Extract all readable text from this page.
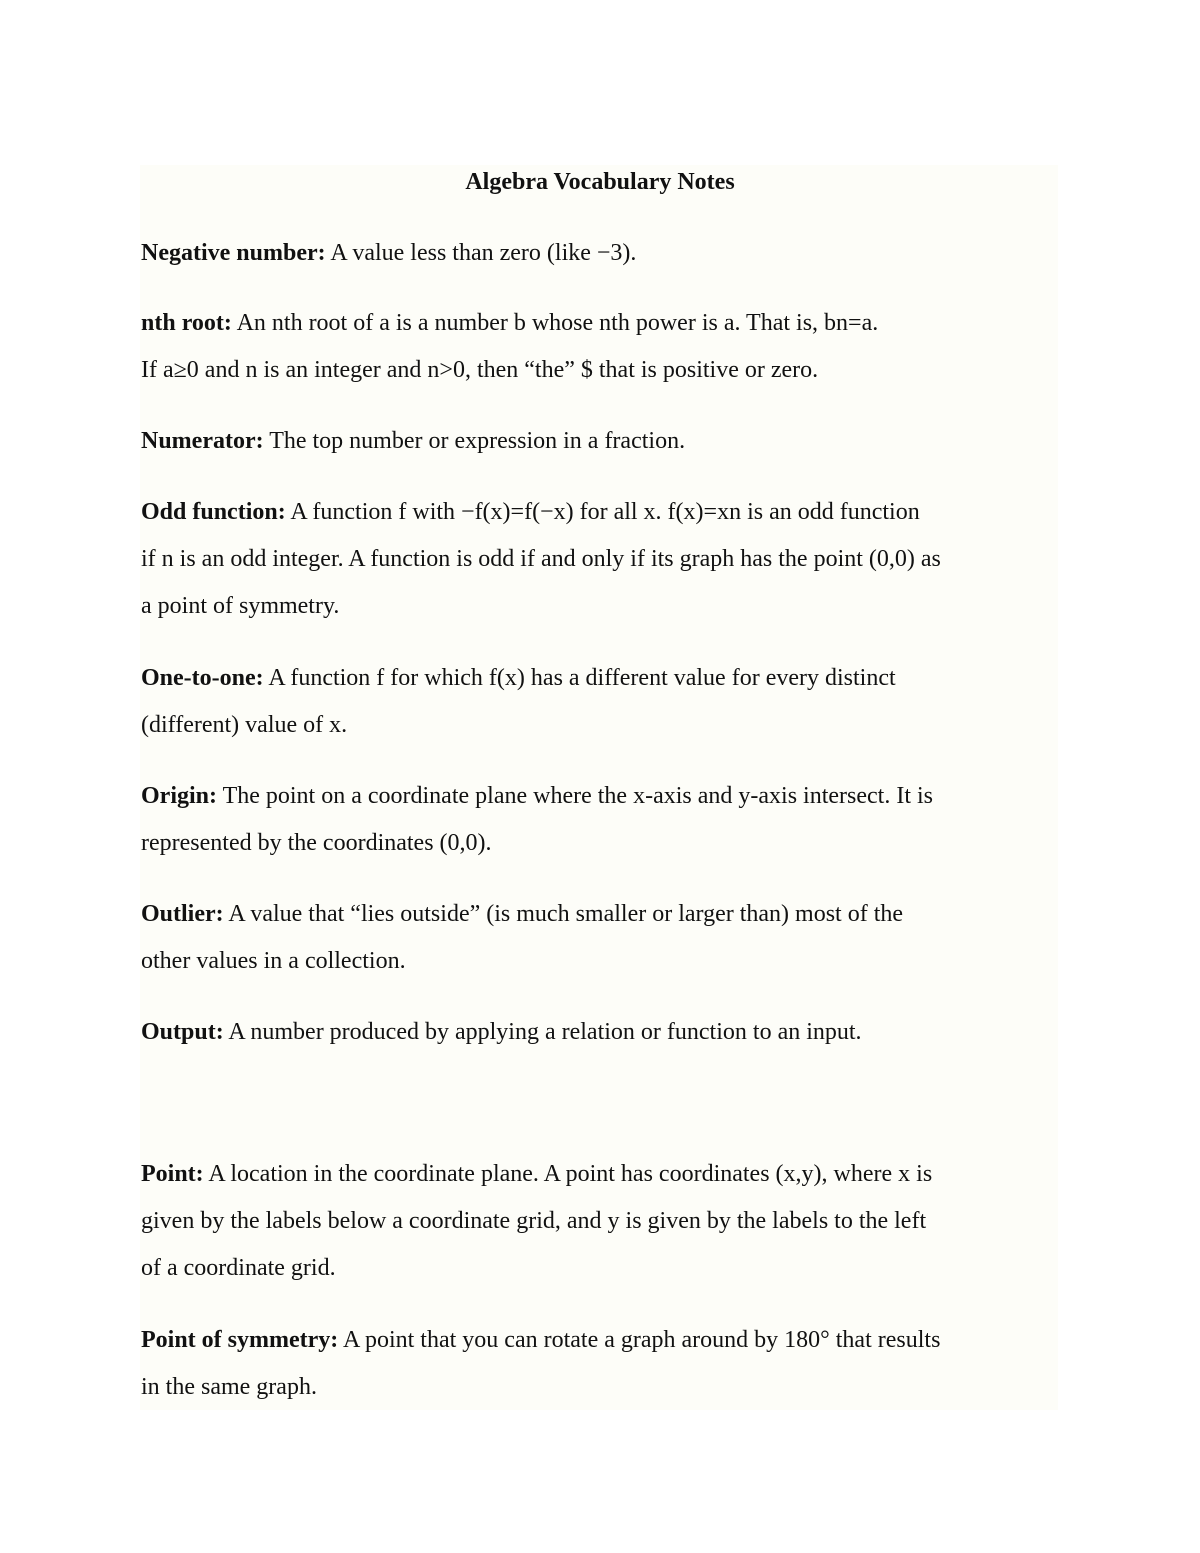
Algebra Vocabulary Notes

Negative number: A value less than zero (like −3).

nth root: An nth root of a is a number b whose nth power is a. That is, bn=a.
If a≥0 and n is an integer and n>0, then “the” $ that is positive or zero.

Numerator: The top number or expression in a fraction.

Odd function: A function f with −f(x)=f(−x) for all x. f(x)=xn is an odd function
if n is an odd integer. A function is odd if and only if its graph has the point (0,0) as
a point of symmetry.

One-to-one: A function f for which f(x) has a different value for every distinct
(different) value of x.

Origin: The point on a coordinate plane where the x-axis and y-axis intersect. It is
represented by the coordinates (0,0).

Outlier: A value that “lies outside” (is much smaller or larger than) most of the
other values in a collection.

Output: A number produced by applying a relation or function to an input.

Point: A location in the coordinate plane. A point has coordinates (x,y), where x is
given by the labels below a coordinate grid, and y is given by the labels to the left
of a coordinate grid.

Point of symmetry: A point that you can rotate a graph around by 180° that results
in the same graph.
